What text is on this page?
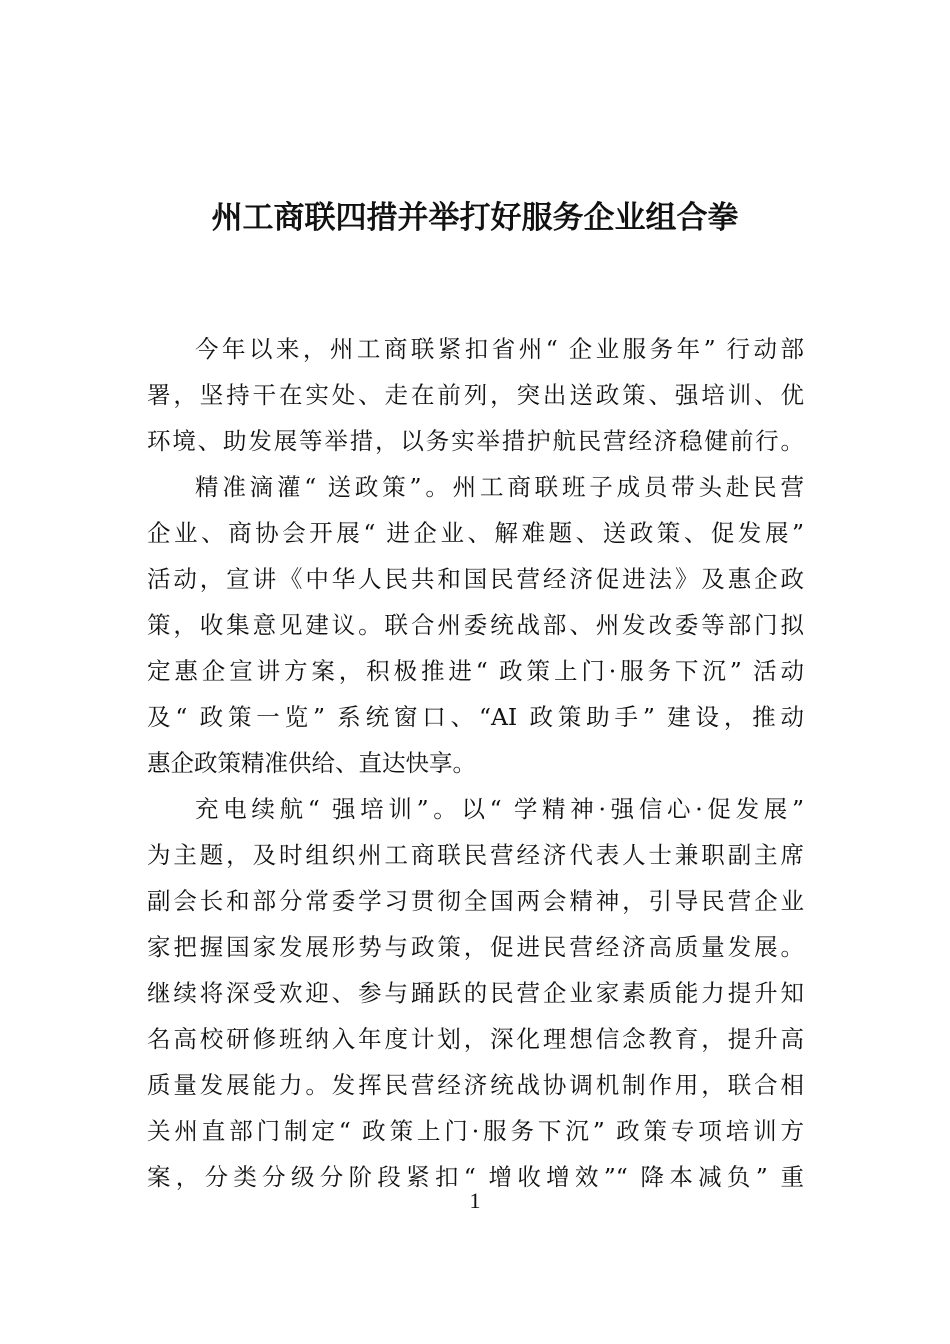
州工商联四措并举打好服务企业组合拳
今年以来，州工商联紧扣省州“ 企业服务年” 行动部
署，坚持干在实处、走在前列，突出送政策、强培训、优
环境、助发展等举措，以务实举措护航民营经济稳健前行。
精准滴灌“ 送政策”。州工商联班子成员带头赴民营
企业、商协会开展“ 进企业、解难题、送政策、促发展”
活动，宣讲《中华人民共和国民营经济促进法》及惠企政
策，收集意见建议。联合州委统战部、州发改委等部门拟
定惠企宣讲方案，积极推进“ 政策上门·服务下沉” 活动
及“ 政策一览” 系统窗口、“AI 政策助手” 建设，推动
惠企政策精准供给、直达快享。
充电续航“ 强培训”。以“ 学精神·强信心·促发展”
为主题，及时组织州工商联民营经济代表人士兼职副主席
副会长和部分常委学习贯彻全国两会精神，引导民营企业
家把握国家发展形势与政策，促进民营经济高质量发展。
继续将深受欢迎、参与踊跃的民营企业家素质能力提升知
名高校研修班纳入年度计划，深化理想信念教育，提升高
质量发展能力。发挥民营经济统战协调机制作用，联合相
关州直部门制定“ 政策上门·服务下沉” 政策专项培训方
案，分类分级分阶段紧扣“ 增收增效”“ 降本减负” 重
1
